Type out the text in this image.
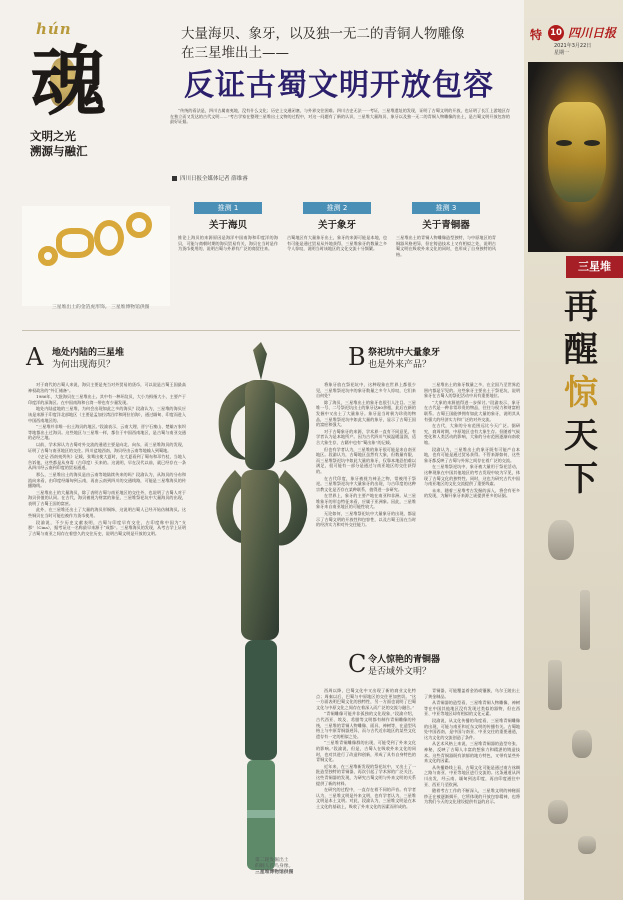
hún
魂
文明之光
溯源与融汇
大量海贝、象牙，以及独一无二的青铜人物雕像
在三星堆出土——
反证古蜀文明开放包容

“传统的看法是，四川古属南夷地，没有什么文化；历史上交通闭塞，与外界交往困难。四川古史无法一一考证，三星堆遗址的发现，证明了古蜀文明的开放，也证明了长江上游地区存在独立而又发达的古代文明……”考古学家在整理三星堆出土文物的过程中，对这一问题有了新的认识，三星堆大量海贝、象牙以及独一无二的青铜人物雕像的出土，是古蜀文明开放包容的最好证据。

四川日报全媒体记者 薛维睿
特 10 四川日报
2021年3月22日
星期一
三星堆
再
醒
惊
天
下
三星堆出土的金箔虎形饰。 三星堆博物馆供图
推测 1
关于海贝
推论上海贝的来源原因是海洋中国南海和印度洋的海贝，可能与商朝时期的海贝贸易有关，海贝在当时是作为货币使用的，说明古蜀与外界有广泛的商贸往来。
推测 2
关于象牙
古蜀地区有大量象牙出土，象牙的来源可能是本地，也有可能是通过贸易从外地获得，三星堆象牙的数量之多令人惊叹，说明当时该地区的文化交流十分频繁。
推测 3
关于青铜器
三星堆出土的青铜人物雕像造型独特，与中原地区的青铜器风格迥异，但在铸造技术上又有相似之处，说明古蜀文明在吸收外来文化的同时，也形成了自身独特的风格。
A 地处内陆的三星堆
为何出现海贝？

对于商代的古蜀人来说，海贝主要是充当对外贸易的货币，可以说是古蜀王国最高神权政治的“外汇储备”。

1986年，大批海贝在三星堆出土。其中有一种环纹贝，大小为拇指大小，主要产于印度洋的深海区。在中国南海和台湾一带也有少量发现。

地处内陆盆地的三星堆，为何会出现如此之多的海贝？段渝认为，三星堆的海贝应该是来源于印度洋北部地区（主要是孟加拉湾沿岸和阿拉伯海），通过缅甸、印度而进入中国西南地区的。

“三星堆并非唯一出土海贝的地区。”段渝表示，云南大理、晋宁石寨山、楚雄万家坝等地都出土过海贝。这些地区与三星堆一样，都位于中国西南地区，是古蜀与南亚交通的必经之地。

以前，学术界认为古蜀对外交流的通道主要是向北、向东，而三星堆海贝的发现，证明了古蜀与南亚地区的交往。四川盆地西南，海贝经由云南等地输入到蜀地。

《史记·西南夷列传》记载，张骞出使大夏时，在大夏看到了蜀布和邛竹杖，当地人告诉他，这些都是从身毒（古印度）买来的。这说明，早在汉代以前，就已经存在一条从四川经云南到印度的贸易通道。

那么，三星堆出土的海贝是由云南等地陆续传来的吗？段渝认为，从海贝的分布和流向来看，由印度经缅甸到云南，再由云南到四川的交通线路，可能是三星堆海贝的传播路线。

三星堆出土的大量海贝，除了表明古蜀与南亚地区的交往外，也说明了古蜀人对于海贝价值的认同。在古代，海贝被视为财富的象征，三星堆祭祀坑中大量海贝的出现，表明了古蜀王国的富庶。

此外，在三星堆还出土了大量的海贝形铜饰，这说明古蜀人已经开始仿制海贝。这些铜贝在当时可能也被作为货币使用。

段渝说，不少历史文献表明，古蜀与印度早有交往，古印度称中国为“支那”（Cina），据考证这一名称最早来源于“成都”。三星堆海贝的发现，从考古学上证明了古蜀与南亚之间存在着悠久的交往历史，说明古蜀文明是开放的文明。

第二轮发掘出土
的铜人首鸟身像。
三星堆博物馆供图
B 祭祀坑中大量象牙
也是外来产品？

将象牙放在祭祀坑中，这种现象在世界上都很少见，三星堆祭祀坑中的象牙数量之多令人惊叹，它们来自何处？

除了海贝，三星堆出土的象牙也很引人注目。三星堆一号、二号祭祀坑出土的象牙达80余根，此后在新的发掘中又出土了大量象牙。象牙是当时极为珍贵的物品，三星堆祭祀坑中如此大量的象牙，显示了古蜀王国的富庶和强大。

对于古蜀象牙的来源，学术界一直有不同意见，有学者认为是本地所产。因为古代四川气候温暖湿润，适合大象生存，古籍中也有“蜀出象”的记载。

但也有学者认为，三星堆的象牙很可能是来自南亚地区。段渝认为，古蜀地区虽然有大象，但数量有限，而三星堆祭祀坑中如此大量的象牙，仅靠本地恐怕难以满足，很可能有一部分是通过与南亚地区的交往获得的。

在古代印度，象牙被视为神圣之物，常被用于祭祀。三星堆祭祀坑中大量象牙的出现，与古印度的这种宗教文化是否存在某种联系，值得进一步研究。

在世界上，象牙的主要产地在南亚和非洲。从三星堆象牙的形态特征来看，应属于亚洲象。因此，三星堆象牙来自南亚地区的可能性较大。

无论如何，三星堆祭祀坑中大量象牙的出现，都显示了古蜀文明的开放性和包容性，以及古蜀王国在当时的经济实力和对外交往能力。

三星堆出土的象牙数量之多，在全国乃至世界范围内都是罕见的。这些象牙主要出土于祭祀坑，说明象牙在古蜀人的祭祀活动中具有重要地位。

“大象的来源值得进一步探讨。”段渝表示，象牙在古代是一种非常珍贵的物品，往往与权力和财富相联系。古蜀王国能够拥有如此大量的象牙，说明其具有强大的经济实力和广泛的对外交流。

在古代，大象的分布范围远比今天广泛。据研究，商周时期，中原地区也有大象生存。但随着气候变化和人类活动的影响，大象的分布范围逐渐向南收缩。

段渝认为，三星堆出土的象牙既有可能产自本地，也有可能是通过贸易获得。不管来源如何，这些象牙都反映了古蜀与外界之间存在着广泛的交流。

在三星堆祭祀坑中，象牙被大量用于祭祀活动，这种现象在中国其他地区的考古发现中较为罕见，体现了古蜀文化的独特性。同时，这也为研究古代中国与南亚地区的文化交流提供了重要线索。

未来，随着三星堆考古发掘的深入，将会有更多的发现，为解开象牙来源之谜提供更多的证据。

C 令人惊艳的青铜器
是否域外文明？

西周以降，巴蜀文化中又出现了新的商业文化特点；周秦以后，巴蜀与中原地区的交往更加密切。“这一方面表明巴蜀文化的独特性，另一方面也说明了巴蜀文化与中原文化之间存在着深入而广泛的交流与融合。”

“青铜雕像可能并非孤独的文化现象，”段渝介绍，古代西亚、埃及、希腊等文明都有制作青铜雕像的传统，三星堆的青铜人物雕像、面具、神树等，在造型风格上与中原青铜器迥异，而与古代近东地区的某些文化遗存有一定的相似之处。

“三星堆青铜雕像群的出现，可能受到了外来文化的影响。”段渝说，但是，古蜀人在吸收外来文化的同时，也对其进行了改造和创新，形成了具有自身特色的青铜文化。

近年来，在三星堆新发现的祭祀坑中，又出土了一批造型独特的青铜器，再次引起了学术界的广泛关注。这些青铜器的发现，为研究古蜀文明与外来文明的关系提供了新的材料。

在研究的过程中，一直存在着不同的声音。有学者认为，三星堆文明是外来文明，也有学者认为，三星堆文明是本土文明。对此，段渝认为，三星堆文明是在本土文化的基础上，吸收了外来文化的因素而形成的。

青铜器，可能覆盖着金箔或镶嵌，乌尔王陵出土了黄金制品。

从青铜器的造型看，三星堆青铜人物雕像、神树等在中国其他地区没有发现过类似的器物，但在西亚、中亚等地区却有相似的文化元素。

段渝说，从文化传播的角度看，三星堆青铜雕像的出现，可能与南亚和近东文明的传播有关。古蜀地处中国西南，是中国与南亚、中亚交往的重要通道，这为文化的交流创造了条件。

从艺术风格上来说，三星堆青铜器的造型夸张、神秘，反映了古蜀人丰富的想象力和精湛的铸造技术。这些青铜器既有浓郁的地方特色，又带有某些外来文化的因素。

从传播路线上看，古蜀文化可能是通过南方丝绸之路与南亚、中亚等地区进行交流的。这条通道从四川出发，经云南、缅甸到达印度，再由印度通往中亚、西亚乃至欧洲。

随着考古工作的不断深入，三星堆文明的神秘面纱正在被逐渐揭开，它所体现的开放包容精神，也将为我们今天的文化建设提供有益的启示。
